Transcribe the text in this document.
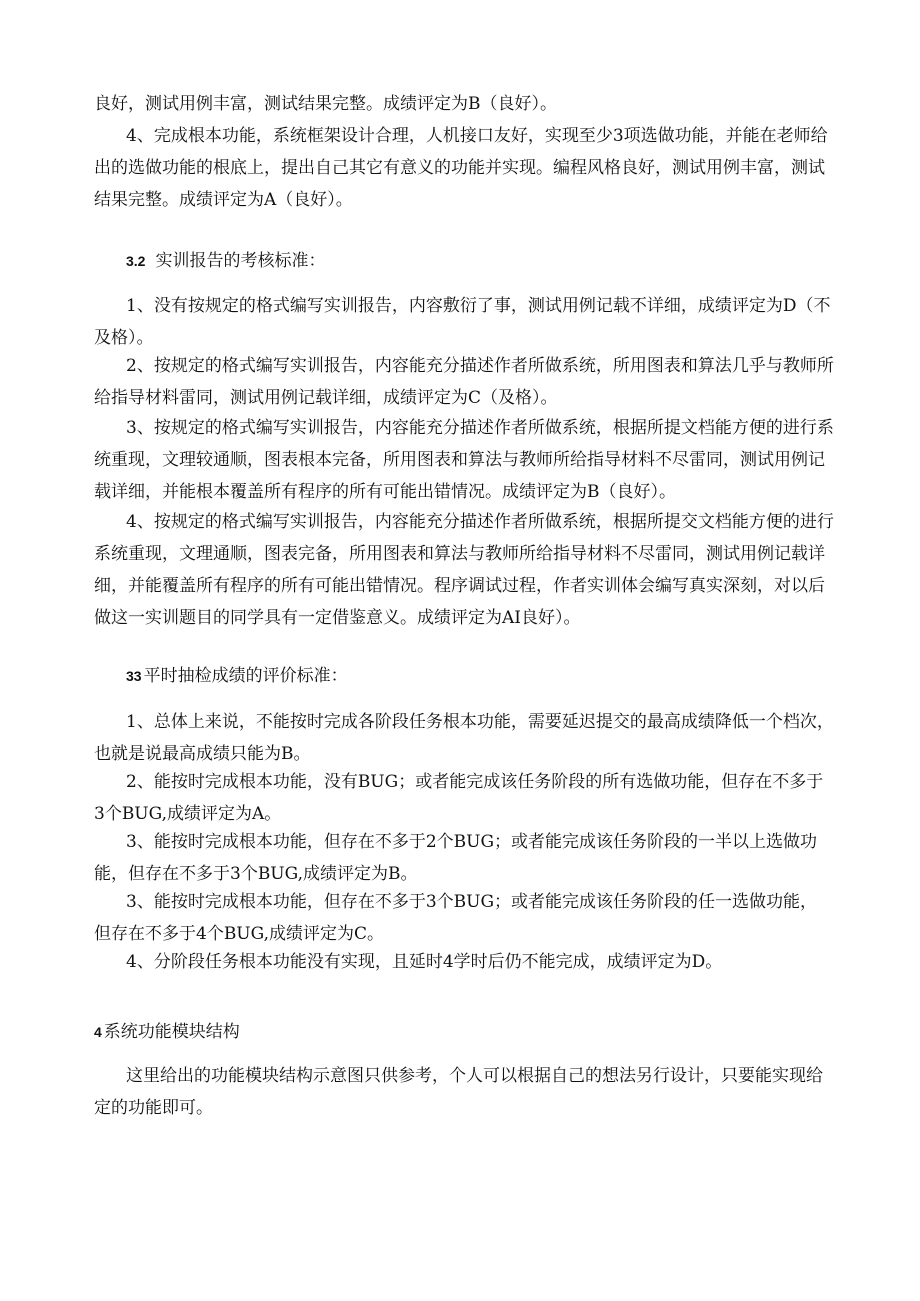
良好，测试用例丰富，测试结果完整。成绩评定为B（良好）。

4、完成根本功能，系统框架设计合理，人机接口友好，实现至少3项选做功能，并能在老师给出的选做功能的根底上，提出自己其它有意义的功能并实现。编程风格良好，测试用例丰富，测试结果完整。成绩评定为A（良好）。

3.2 实训报告的考核标准：

1、没有按规定的格式编写实训报告，内容敷衍了事，测试用例记载不详细，成绩评定为D（不及格）。

2、按规定的格式编写实训报告，内容能充分描述作者所做系统，所用图表和算法几乎与教师所给指导材料雷同，测试用例记载详细，成绩评定为C（及格）。

3、按规定的格式编写实训报告，内容能充分描述作者所做系统，根据所提文档能方便的进行系统重现，文理较通顺，图表根本完备，所用图表和算法与教师所给指导材料不尽雷同，测试用例记载详细，并能根本覆盖所有程序的所有可能出错情况。成绩评定为B（良好）。

4、按规定的格式编写实训报告，内容能充分描述作者所做系统，根据所提交文档能方便的进行系统重现，文理通顺，图表完备，所用图表和算法与教师所给指导材料不尽雷同，测试用例记载详细，并能覆盖所有程序的所有可能出错情况。程序调试过程，作者实训体会编写真实深刻，对以后做这一实训题目的同学具有一定借鉴意义。成绩评定为AI良好）。

33 平时抽检成绩的评价标准：

1、总体上来说，不能按时完成各阶段任务根本功能，需要延迟提交的最高成绩降低一个档次，也就是说最高成绩只能为B。

2、能按时完成根本功能，没有BUG；或者能完成该任务阶段的所有选做功能，但存在不多于3个BUG,成绩评定为A。

3、能按时完成根本功能，但存在不多于2个BUG；或者能完成该任务阶段的一半以上选做功能，但存在不多于3个BUG,成绩评定为B。

3、能按时完成根本功能，但存在不多于3个BUG；或者能完成该任务阶段的任一选做功能，但存在不多于4个BUG,成绩评定为C。

4、分阶段任务根本功能没有实现，且延时4学时后仍不能完成，成绩评定为D。

4 系统功能模块结构

这里给出的功能模块结构示意图只供参考，个人可以根据自己的想法另行设计，只要能实现给定的功能即可。
